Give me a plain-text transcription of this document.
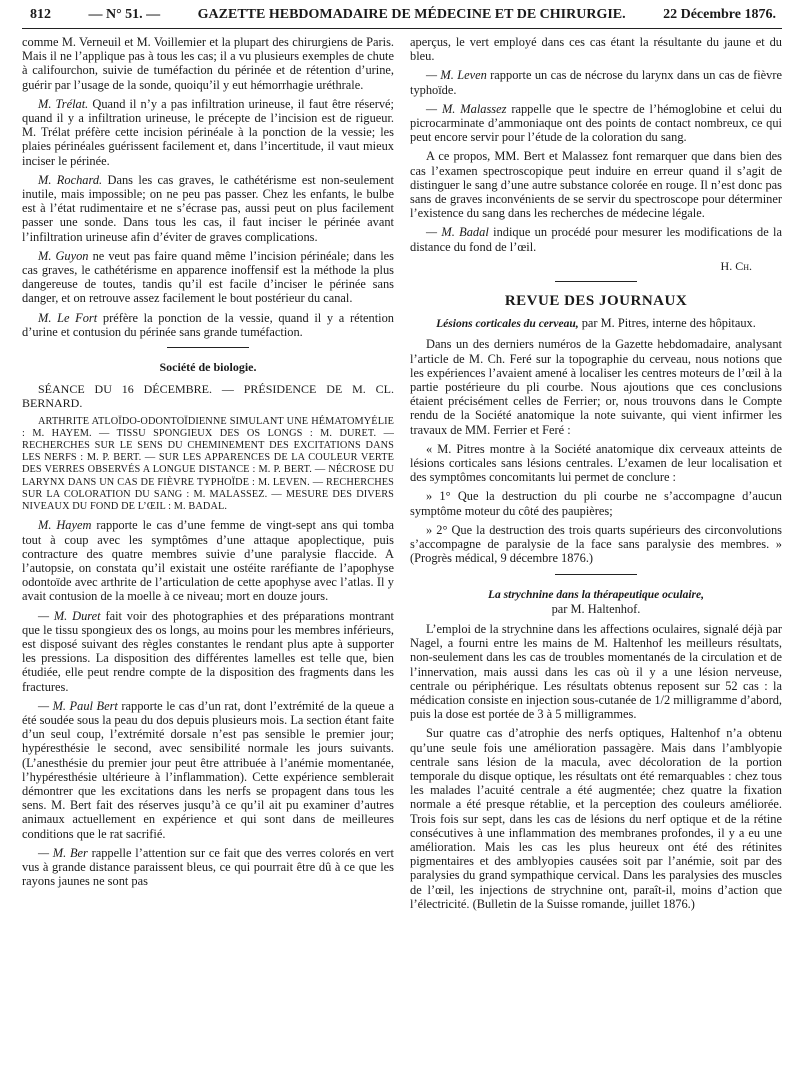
812	— N° 51. —	GAZETTE HEBDOMADAIRE DE MÉDECINE ET DE CHIRURGIE.	22 Décembre 1876.

comme M. Verneuil et M. Voillemier et la plupart des chirurgiens de Paris. Mais il ne l’applique pas à tous les cas; il a vu plusieurs exemples de chute à califourchon, suivie de tuméfaction du périnée et de rétention d’urine, guérir par l’usage de la sonde, quoiqu’il y eut hémorrhagie uréthrale.

M. Trélat. Quand il n’y a pas infiltration urineuse, il faut être réservé; quand il y a infiltration urineuse, le précepte de l’incision est de rigueur. M. Trélat préfère cette incision périnéale à la ponction de la vessie; les plaies périnéales guérissent facilement et, dans l’incertitude, il vaut mieux inciser le périnée.

M. Rochard. Dans les cas graves, le cathétérisme est non-seulement inutile, mais impossible; on ne peu pas passer. Chez les enfants, le bulbe est à l’état rudimentaire et ne s’écrase pas, aussi peut on plus facilement passer une sonde. Dans tous les cas, il faut inciser le périnée avant l’infiltration urineuse afin d’éviter de graves complications.

M. Guyon ne veut pas faire quand même l’incision périnéale; dans les cas graves, le cathétérisme en apparence inoffensif est la méthode la plus dangereuse de toutes, tandis qu’il est facile d’inciser le périnée sans danger, et on retrouve assez facilement le bout postérieur du canal.

M. Le Fort préfère la ponction de la vessie, quand il y a rétention d’urine et contusion du périnée sans grande tuméfaction.

Société de biologie.

SÉANCE DU 16 DÉCEMBRE. — PRÉSIDENCE DE M. CL. BERNARD.

ARTHRITE ATLOÏDO-ODONTOÏDIENNE SIMULANT UNE HÉMATOMYÉLIE : M. HAYEM. — TISSU SPONGIEUX DES OS LONGS : M. DURET. — RECHERCHES SUR LE SENS DU CHEMINEMENT DES EXCITATIONS DANS LES NERFS : M. P. BERT. — SUR LES APPARENCES DE LA COULEUR VERTE DES VERRES OBSERVÉS A LONGUE DISTANCE : M. P. BERT. — NÉCROSE DU LARYNX DANS UN CAS DE FIÈVRE TYPHOÏDE : M. LEVEN. — RECHERCHES SUR LA COLORATION DU SANG : M. MALASSEZ. — MESURE DES DIVERS NIVEAUX DU FOND DE L’ŒIL : M. BADAL.

M. Hayem rapporte le cas d’une femme de vingt-sept ans qui tomba tout à coup avec les symptômes d’une attaque apoplectique, puis contracture des quatre membres suivie d’une paralysie flaccide. A l’autopsie, on constata qu’il existait une ostéite raréfiante de l’apophyse odontoïde avec arthrite de l’articulation de cette apophyse avec l’atlas. Il y avait contusion de la moelle à ce niveau; mort en douze jours.

— M. Duret fait voir des photographies et des préparations montrant que le tissu spongieux des os longs, au moins pour les membres inférieurs, est disposé suivant des règles constantes le rendant plus apte à supporter les pressions. La disposition des différentes lamelles est telle que, bien étudiée, elle peut rendre compte de la disposition des fragments dans les fractures.

— M. Paul Bert rapporte le cas d’un rat, dont l’extrémité de la queue a été soudée sous la peau du dos depuis plusieurs mois. La section étant faite d’un seul coup, l’extrémité dorsale n’est pas sensible le premier jour; hypéresthésie le second, avec sensibilité normale les jours suivants. (L’anesthésie du premier jour peut être attribuée à l’anémie momentanée, l’hypéresthésie ultérieure à l’inflammation). Cette expérience semblerait démontrer que les excitations dans les nerfs se propagent dans tous les sens. M. Bert fait des réserves jusqu’à ce qu’il ait pu examiner d’autres animaux actuellement en expérience et qui sont dans de meilleures conditions que le rat sacrifié.

— M. Ber rappelle l’attention sur ce fait que des verres colorés en vert vus à grande distance paraissent bleus, ce qui pourrait être dû à ce que les rayons jaunes ne sont pas

aperçus, le vert employé dans ces cas étant la résultante du jaune et du bleu.

— M. Leven rapporte un cas de nécrose du larynx dans un cas de fièvre typhoïde.

— M. Malassez rappelle que le spectre de l’hémoglobine et celui du picrocarminate d’ammoniaque ont des points de contact nombreux, ce qui peut encore servir pour l’étude de la coloration du sang.

A ce propos, MM. Bert et Malassez font remarquer que dans bien des cas l’examen spectroscopique peut induire en erreur quand il s’agit de distinguer le sang d’une autre substance colorée en rouge. Il n’est donc pas sans de graves inconvénients de se servir du spectroscope pour déterminer l’existence du sang dans les recherches de médecine légale.

— M. Badal indique un procédé pour mesurer les modifications de la distance du fond de l’œil.

H. Ch.

REVUE DES JOURNAUX
Lésions corticales du cerveau, par M. Pitres, interne des hôpitaux.

Dans un des derniers numéros de la Gazette hebdomadaire, analysant l’article de M. Ch. Feré sur la topographie du cerveau, nous notions que les expériences l’avaient amené à localiser les centres moteurs de l’œil à la partie postérieure du pli courbe. Nous ajoutions que ces conclusions étaient précisément celles de Ferrier; or, nous trouvons dans le Compte rendu de la Société anatomique la note suivante, qui vient infirmer les travaux de MM. Ferrier et Feré :

« M. Pitres montre à la Société anatomique dix cerveaux atteints de lésions corticales sans lésions centrales. L’examen de leur localisation et des symptômes concomitants lui permet de conclure :

» 1° Que la destruction du pli courbe ne s’accompagne d’aucun symptôme moteur du côté des paupières;

» 2° Que la destruction des trois quarts supérieurs des circonvolutions s’accompagne de paralysie de la face sans paralysie des membres. » (Progrès médical, 9 décembre 1876.)

La strychnine dans la thérapeutique oculaire,
par M. Haltenhof.

L’emploi de la strychnine dans les affections oculaires, signalé déjà par Nagel, a fourni entre les mains de M. Haltenhof les meilleurs résultats, non-seulement dans les cas de troubles momentanés de la circulation et de l’innervation, mais aussi dans les cas où il y a une lésion nerveuse, centrale ou périphérique. Les résultats obtenus reposent sur 52 cas : la médication consiste en injection sous-cutanée de 1/2 milligramme d’abord, puis la dose est portée de 3 à 5 milligrammes.

Sur quatre cas d’atrophie des nerfs optiques, Haltenhof n’a obtenu qu’une seule fois une amélioration passagère. Mais dans l’amblyopie centrale sans lésion de la macula, avec décoloration de la portion temporale du disque optique, les résultats ont été remarquables : chez tous les malades l’acuité centrale a été augmentée; chez quatre la fixation normale a été presque rétablie, et la perception des couleurs améliorée. Trois fois sur sept, dans les cas de lésions du nerf optique et de la rétine consécutives à une inflammation des membranes profondes, il y a eu une amélioration. Mais les cas les plus heureux ont été des rétinites pigmentaires et des amblyopies causées soit par l’anémie, soit par des paralysies du grand sympathique cervical. Dans les paralysies des muscles de l’œil, les injections de strychnine ont, paraît-il, moins d’action que l’électricité. (Bulletin de la Suisse romande, juillet 1876.)
